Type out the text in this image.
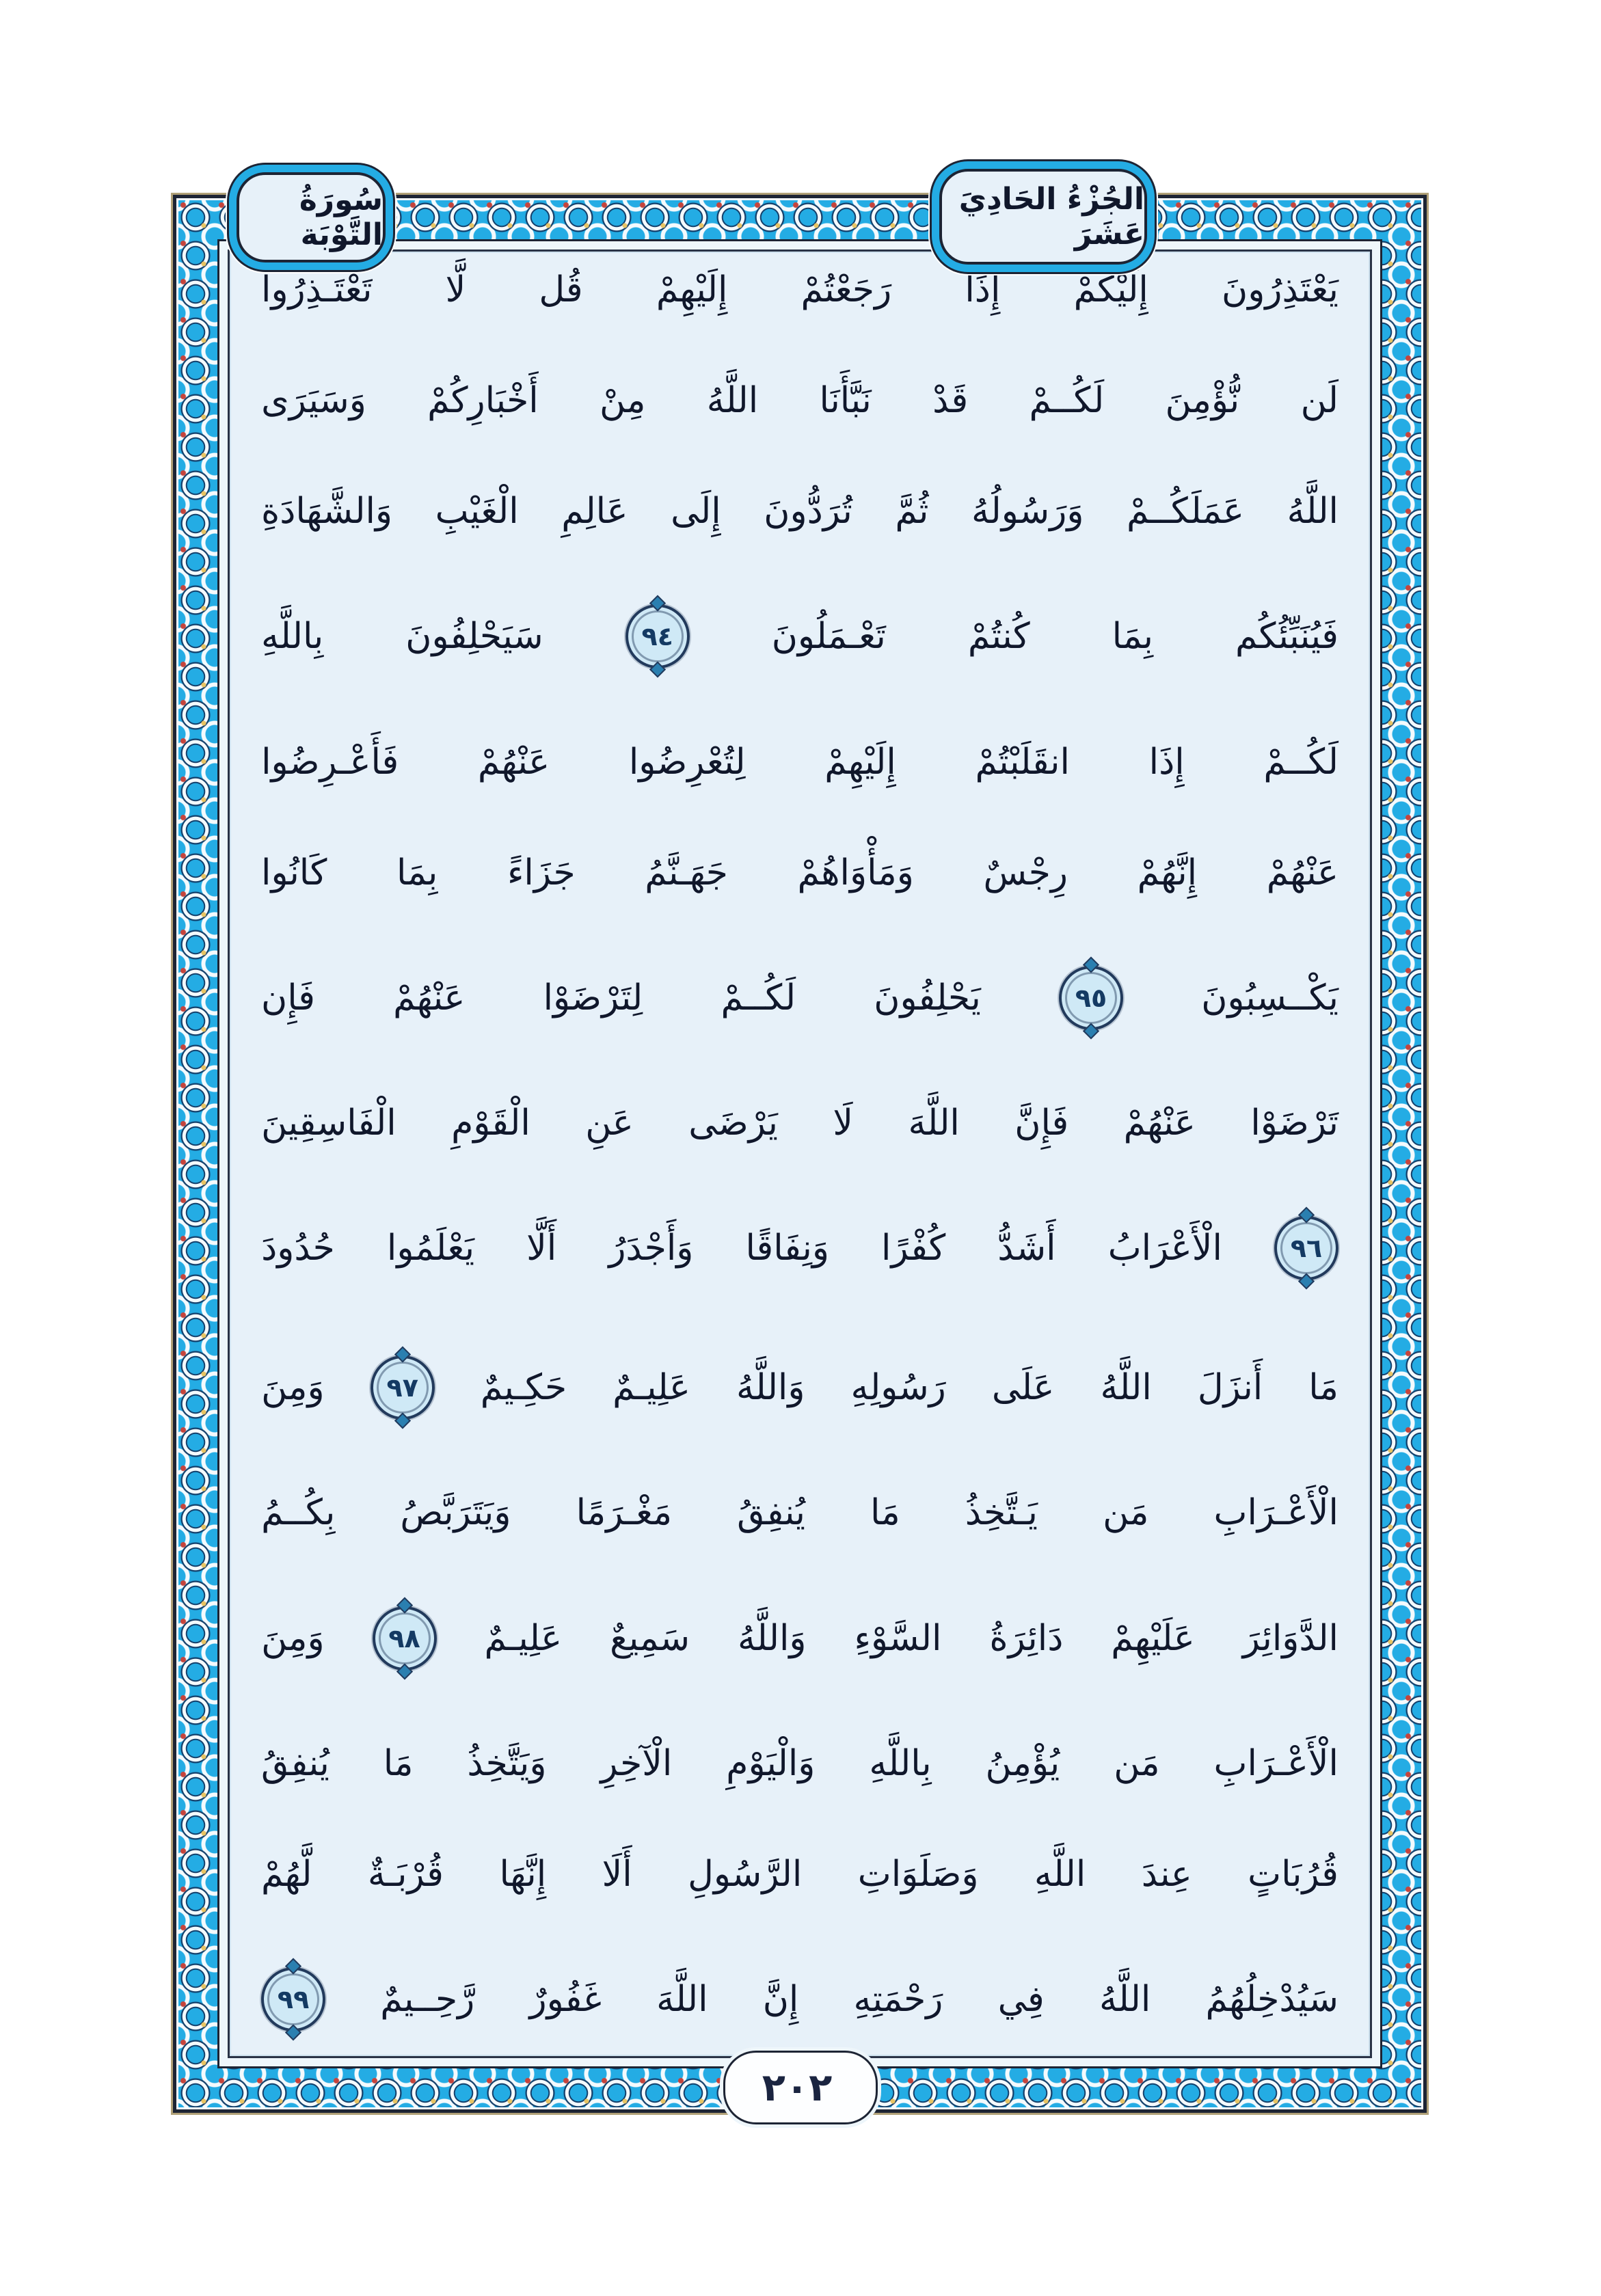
سُورَةُ التَّوْبَة
الجُزْءُ الحَادِيَ عَشَرَ
يَعْتَذِرُونَ
إِلَيْكُمْ
إِذَا
رَجَعْتُمْ
إِلَيْهِمْ
قُل
لَّا
تَعْتَـذِرُوا
لَن
نُّؤْمِنَ
لَكُــمْ
قَدْ
نَبَّأَنَا
اللَّهُ
مِنْ
أَخْبَارِكُمْ
وَسَيَرَى
اللَّهُ
عَمَلَكُــمْ
وَرَسُولُهُ
ثُمَّ
تُرَدُّونَ
إِلَى
عَالِمِ
الْغَيْبِ
وَالشَّهَادَةِ
فَيُنَبِّئُكُم
بِمَا
كُنتُمْ
تَعْـمَلُونَ
٩٤
سَيَحْلِفُونَ
بِاللَّهِ
لَكُــمْ
إِذَا
انقَلَبْتُمْ
إِلَيْهِمْ
لِتُعْرِضُوا
عَنْهُمْ
فَأَعْـرِضُوا
عَنْهُمْ
إِنَّهُمْ
رِجْسٌ
وَمَأْوَاهُمْ
جَهَـنَّمُ
جَزَاءً
بِمَا
كَانُوا
يَكْــسِبُونَ
٩٥
يَحْلِفُونَ
لَكُــمْ
لِتَرْضَوْا
عَنْهُمْ
فَإِن
تَرْضَوْا
عَنْهُمْ
فَإِنَّ
اللَّهَ
لَا
يَرْضَى
عَنِ
الْقَوْمِ
الْفَاسِقِينَ
٩٦
الْأَعْرَابُ
أَشَدُّ
كُفْرًا
وَنِفَاقًا
وَأَجْدَرُ
أَلَّا
يَعْلَمُوا
حُدُودَ
مَا
أَنزَلَ
اللَّهُ
عَلَى
رَسُولِهِ
وَاللَّهُ
عَلِيـمٌ
حَكِـيمٌ
٩٧
وَمِنَ
الْأَعْـرَابِ
مَن
يَـتَّخِذُ
مَا
يُنفِقُ
مَغْـرَمًا
وَيَتَرَبَّصُ
بِكُــمُ
الدَّوَائِرَ
عَلَيْهِمْ
دَائِرَةُ
السَّوْءِ
وَاللَّهُ
سَمِيعٌ
عَلِيـمٌ
٩٨
وَمِنَ
الْأَعْـرَابِ
مَن
يُؤْمِنُ
بِاللَّهِ
وَالْيَوْمِ
الْآخِرِ
وَيَتَّخِذُ
مَا
يُنفِقُ
قُرُبَاتٍ
عِندَ
اللَّهِ
وَصَلَوَاتِ
الرَّسُولِ
أَلَا
إِنَّهَا
قُرْبَـةٌ
لَّهُمْ
سَيُدْخِلُهُمُ
اللَّهُ
فِي
رَحْمَتِهِ
إِنَّ
اللَّهَ
غَفُورٌ
رَّحِــيمٌ
٩٩
٢٠٢
